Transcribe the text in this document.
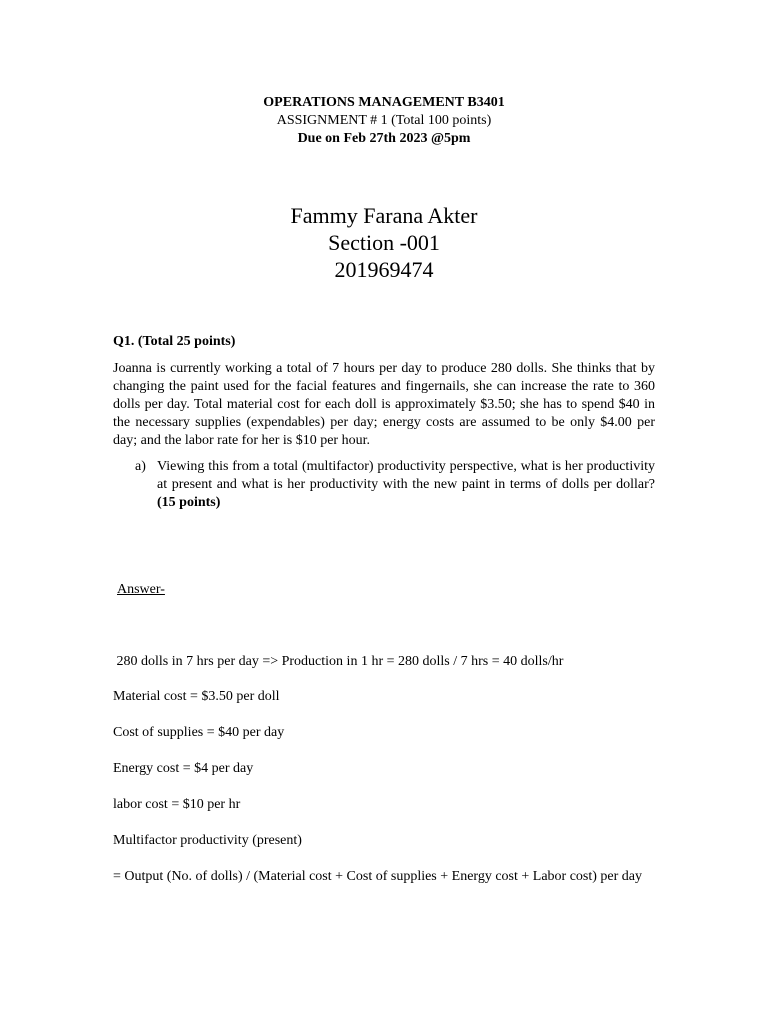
OPERATIONS MANAGEMENT B3401

ASSIGNMENT # 1 (Total 100 points)

Due on Feb 27th 2023 @5pm

Fammy Farana Akter

Section -001

201969474

Q1. (Total 25 points)

Joanna is currently working a total of 7 hours per day to produce 280 dolls. She thinks that by changing the paint used for the facial features and fingernails, she can increase the rate to 360 dolls per day. Total material cost for each doll is approximately $3.50; she has to spend $40 in the necessary supplies (expendables) per day; energy costs are assumed to be only $4.00 per day; and the labor rate for her is $10 per hour.

a) Viewing this from a total (multifactor) productivity perspective, what is her productivity at present and what is her productivity with the new paint in terms of dolls per dollar? (15 points)

Answer-

280 dolls in 7 hrs per day => Production in 1 hr = 280 dolls / 7 hrs = 40 dolls/hr

Material cost = $3.50 per doll

Cost of supplies = $40 per day

Energy cost = $4 per day

labor cost = $10 per hr

Multifactor productivity (present)

= Output (No. of dolls) / (Material cost + Cost of supplies + Energy cost + Labor cost) per day
